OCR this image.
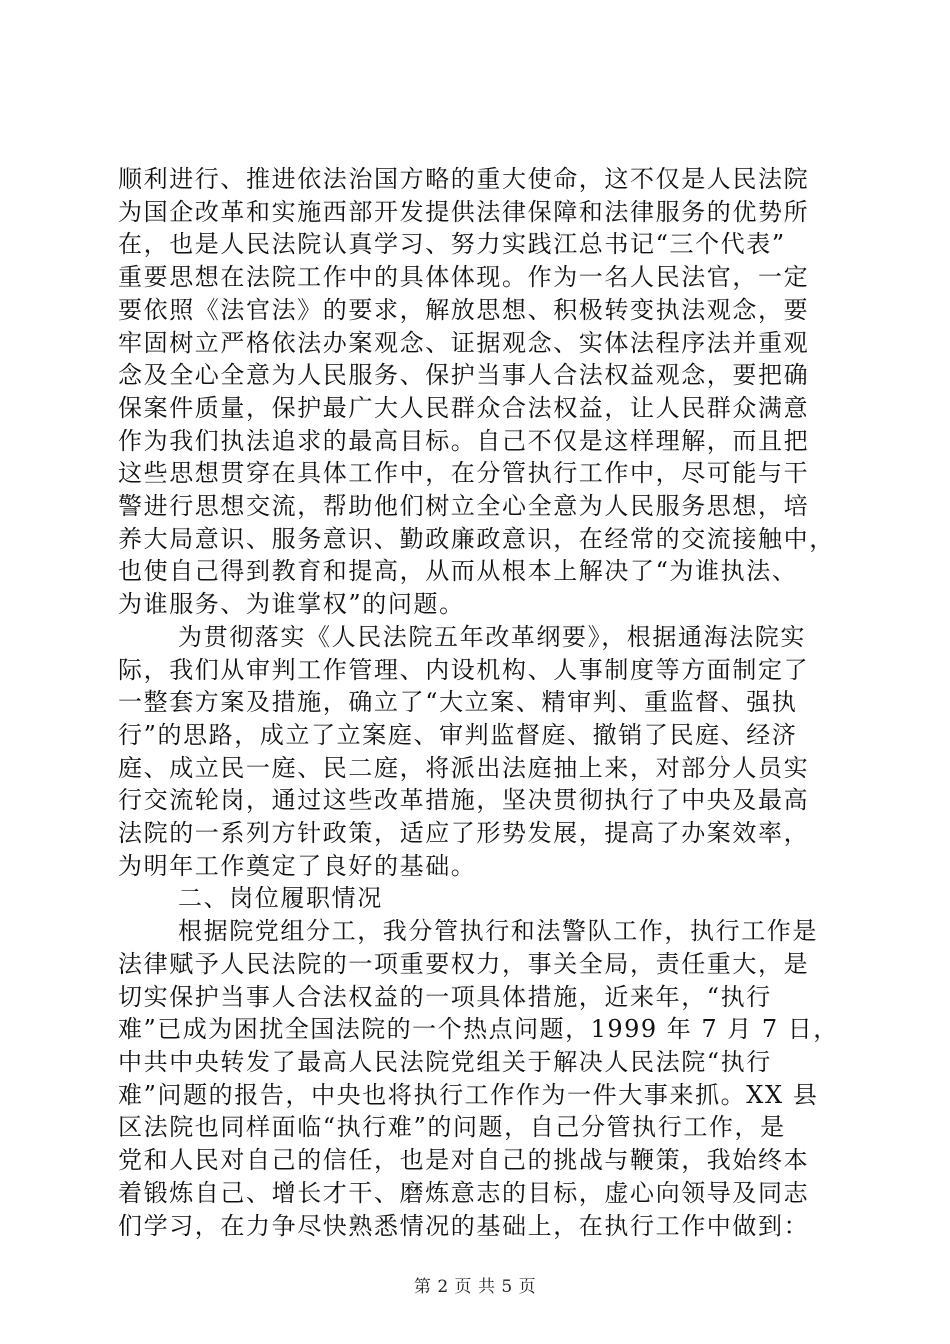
顺利进行、推进依法治国方略的重大使命，这不仅是人民法院
为国企改革和实施西部开发提供法律保障和法律服务的优势所
在，也是人民法院认真学习、努力实践江总书记“三个代表”
重要思想在法院工作中的具体体现。作为一名人民法官，一定
要依照《法官法》的要求，解放思想、积极转变执法观念，要
牢固树立严格依法办案观念、证据观念、实体法程序法并重观
念及全心全意为人民服务、保护当事人合法权益观念，要把确
保案件质量，保护最广大人民群众合法权益，让人民群众满意
作为我们执法追求的最高目标。自己不仅是这样理解，而且把
这些思想贯穿在具体工作中，在分管执行工作中，尽可能与干
警进行思想交流，帮助他们树立全心全意为人民服务思想，培
养大局意识、服务意识、勤政廉政意识，在经常的交流接触中，
也使自己得到教育和提高，从而从根本上解决了“为谁执法、
为谁服务、为谁掌权”的问题。
为贯彻落实《人民法院五年改革纲要》，根据通海法院实
际，我们从审判工作管理、内设机构、人事制度等方面制定了
一整套方案及措施，确立了“大立案、精审判、重监督、强执
行”的思路，成立了立案庭、审判监督庭、撤销了民庭、经济
庭、成立民一庭、民二庭，将派出法庭抽上来，对部分人员实
行交流轮岗，通过这些改革措施，坚决贯彻执行了中央及最高
法院的一系列方针政策，适应了形势发展，提高了办案效率，
为明年工作奠定了良好的基础。
二、岗位履职情况
根据院党组分工，我分管执行和法警队工作，执行工作是
法律赋予人民法院的一项重要权力，事关全局，责任重大，是
切实保护当事人合法权益的一项具体措施，近来年，“执行
难”已成为困扰全国法院的一个热点问题，1999 年 7 月 7 日，
中共中央转发了最高人民法院党组关于解决人民法院“执行
难”问题的报告，中央也将执行工作作为一件大事来抓。XX 县
区法院也同样面临“执行难”的问题，自己分管执行工作，是
党和人民对自己的信任，也是对自己的挑战与鞭策，我始终本
着锻炼自己、增长才干、磨炼意志的目标，虚心向领导及同志
们学习，在力争尽快熟悉情况的基础上，在执行工作中做到：
第 2 页 共 5 页
